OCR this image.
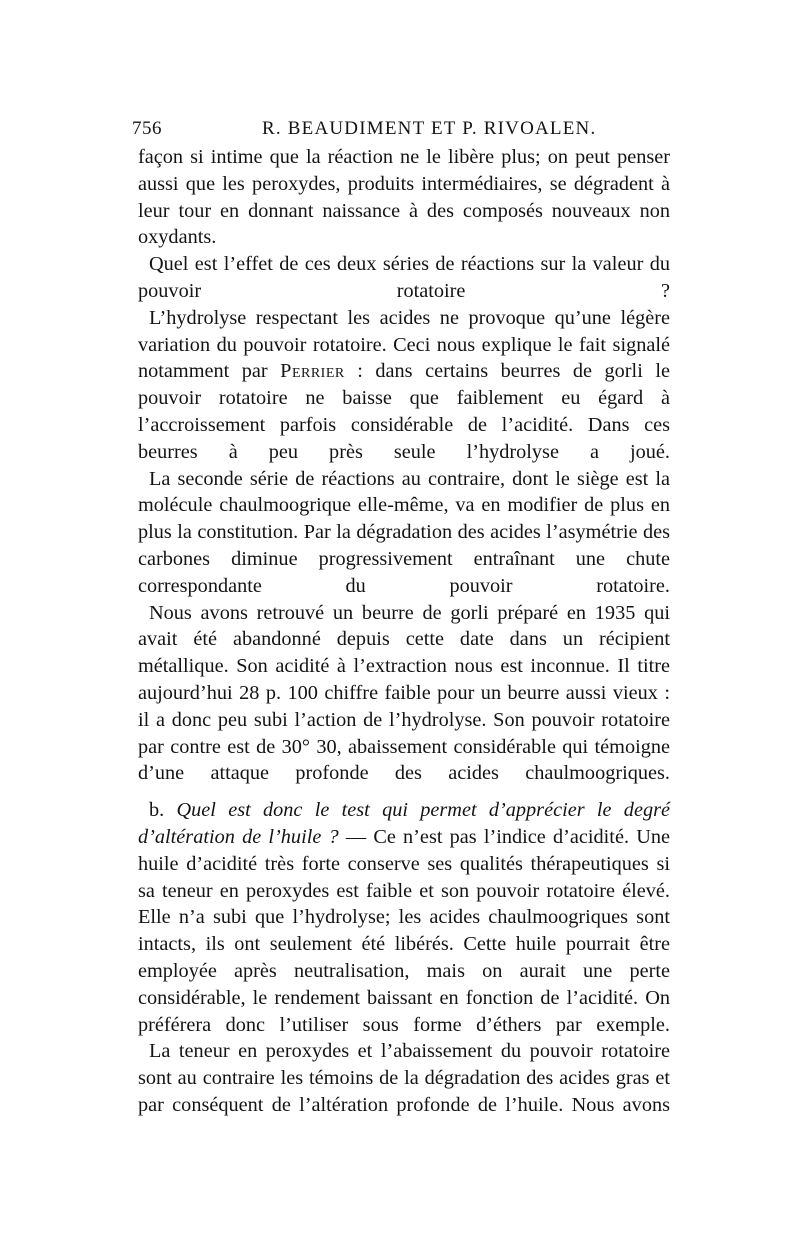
756	R. BEAUDIMENT ET P. RIVOALEN.

façon si intime que la réaction ne le libère plus; on peut penser aussi que les peroxydes, produits intermédiaires, se dégradent à leur tour en donnant naissance à des composés nouveaux non oxydants.

Quel est l’effet de ces deux séries de réactions sur la valeur du pouvoir rotatoire ?

L’hydrolyse respectant les acides ne provoque qu’une légère variation du pouvoir rotatoire. Ceci nous explique le fait signalé notamment par Perrier : dans certains beurres de gorli le pouvoir rotatoire ne baisse que faiblement eu égard à l’accroissement parfois considérable de l’acidité. Dans ces beurres à peu près seule l’hydrolyse a joué.

La seconde série de réactions au contraire, dont le siège est la molécule chaulmoogrique elle-même, va en modifier de plus en plus la constitution. Par la dégradation des acides l’asymétrie des carbones diminue progressivement entraînant une chute correspondante du pouvoir rotatoire.

Nous avons retrouvé un beurre de gorli préparé en 1935 qui avait été abandonné depuis cette date dans un récipient métallique. Son acidité à l’extraction nous est inconnue. Il titre aujourd’hui 28 p. 100 chiffre faible pour un beurre aussi vieux : il a donc peu subi l’action de l’hydrolyse. Son pouvoir rotatoire par contre est de 30° 30, abaissement considérable qui témoigne d’une attaque profonde des acides chaulmoogriques.

b. Quel est donc le test qui permet d’apprécier le degré d’altération de l’huile ? — Ce n’est pas l’indice d’acidité. Une huile d’acidité très forte conserve ses qualités thérapeutiques si sa teneur en peroxydes est faible et son pouvoir rotatoire élevé. Elle n’a subi que l’hydrolyse; les acides chaulmoogriques sont intacts, ils ont seulement été libérés. Cette huile pourrait être employée après neutralisation, mais on aurait une perte considérable, le rendement baissant en fonction de l’acidité. On préférera donc l’utiliser sous forme d’éthers par exemple.

La teneur en peroxydes et l’abaissement du pouvoir rotatoire sont au contraire les témoins de la dégradation des acides gras et par conséquent de l’altération profonde de l’huile. Nous avons
